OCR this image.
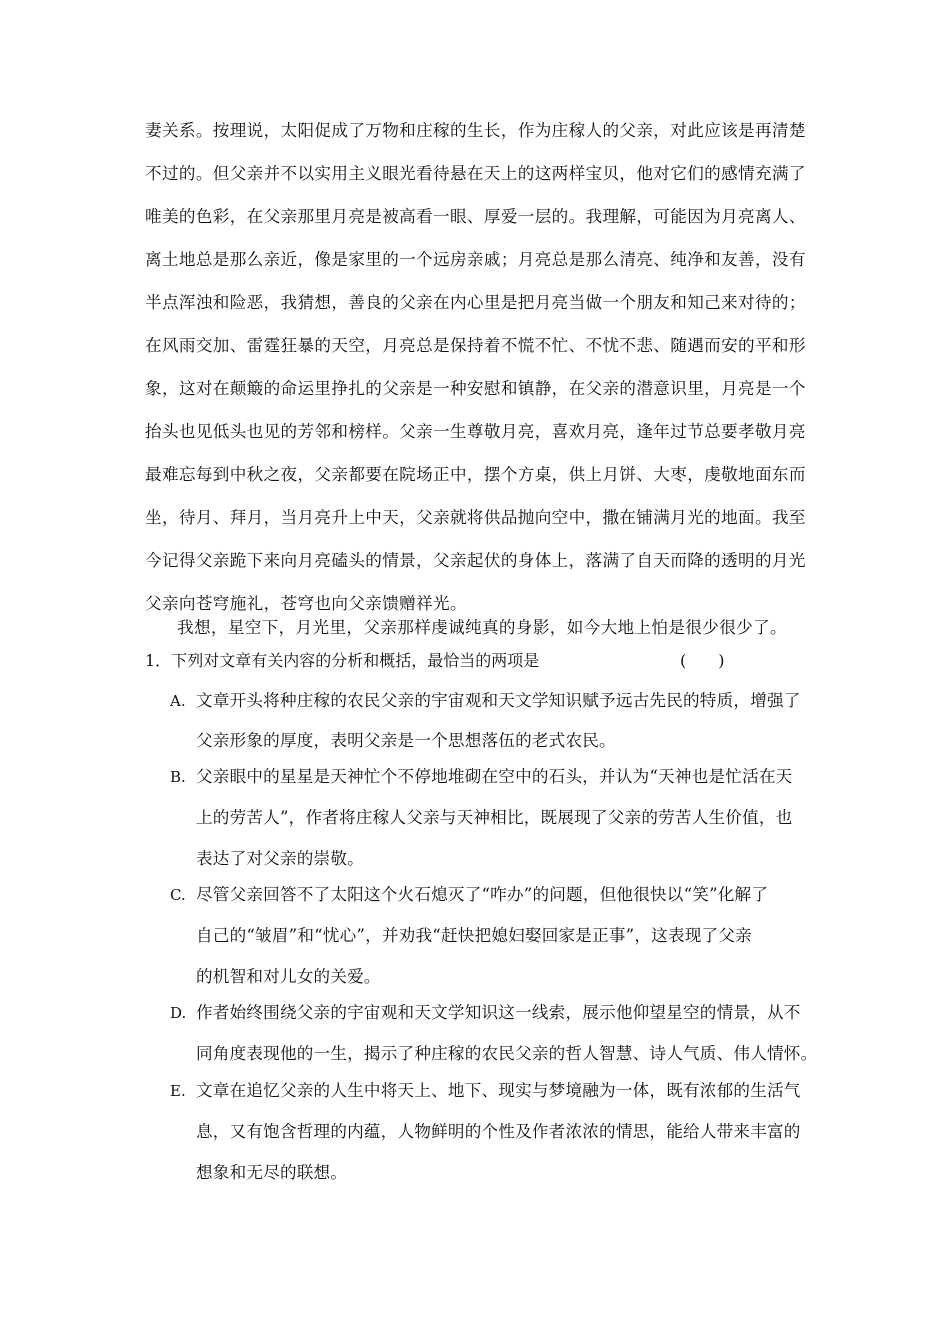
妻关系。按理说，太阳促成了万物和庄稼的生长，作为庄稼人的父亲，对此应该是再清楚
不过的。但父亲并不以实用主义眼光看待悬在天上的这两样宝贝，他对它们的感情充满了
唯美的色彩，在父亲那里月亮是被高看一眼、厚爱一层的。我理解，可能因为月亮离人、
离土地总是那么亲近，像是家里的一个远房亲戚；月亮总是那么清亮、纯净和友善，没有
半点浑浊和险恶，我猜想，善良的父亲在内心里是把月亮当做一个朋友和知己来对待的；
在风雨交加、雷霆狂暴的天空，月亮总是保持着不慌不忙、不忧不悲、随遇而安的平和形
象，这对在颠簸的命运里挣扎的父亲是一种安慰和镇静，在父亲的潜意识里，月亮是一个
抬头也见低头也见的芳邻和榜样。父亲一生尊敬月亮，喜欢月亮，逢年过节总要孝敬月亮
最难忘每到中秋之夜，父亲都要在院场正中，摆个方桌，供上月饼、大枣，虔敬地面东而
坐，待月、拜月，当月亮升上中天，父亲就将供品抛向空中，撒在铺满月光的地面。我至
今记得父亲跪下来向月亮磕头的情景，父亲起伏的身体上，落满了自天而降的透明的月光
父亲向苍穹施礼，苍穹也向父亲馈赠祥光。
我想，星空下，月光里，父亲那样虔诚纯真的身影，如今大地上怕是很少很少了。
1．下列对文章有关内容的分析和概括，最恰当的两项是	(　　)
A. 文章开头将种庄稼的农民父亲的宇宙观和天文学知识赋予远古先民的特质，增强了
父亲形象的厚度，表明父亲是一个思想落伍的老式农民。
B. 父亲眼中的星星是天神忙个不停地堆砌在空中的石头，并认为“天神也是忙活在天
上的劳苦人”，作者将庄稼人父亲与天神相比，既展现了父亲的劳苦人生价值，也
表达了对父亲的崇敬。
C. 尽管父亲回答不了太阳这个火石熄灭了“咋办”的问题，但他很快以“笑”化解了
自己的“皱眉”和“忧心”，并劝我“赶快把媳妇娶回家是正事”，这表现了父亲
的机智和对儿女的关爱。
D. 作者始终围绕父亲的宇宙观和天文学知识这一线索，展示他仰望星空的情景，从不
同角度表现他的一生，揭示了种庄稼的农民父亲的哲人智慧、诗人气质、伟人情怀。
E. 文章在追忆父亲的人生中将天上、地下、现实与梦境融为一体，既有浓郁的生活气
息，又有饱含哲理的内蕴，人物鲜明的个性及作者浓浓的情思，能给人带来丰富的
想象和无尽的联想。
